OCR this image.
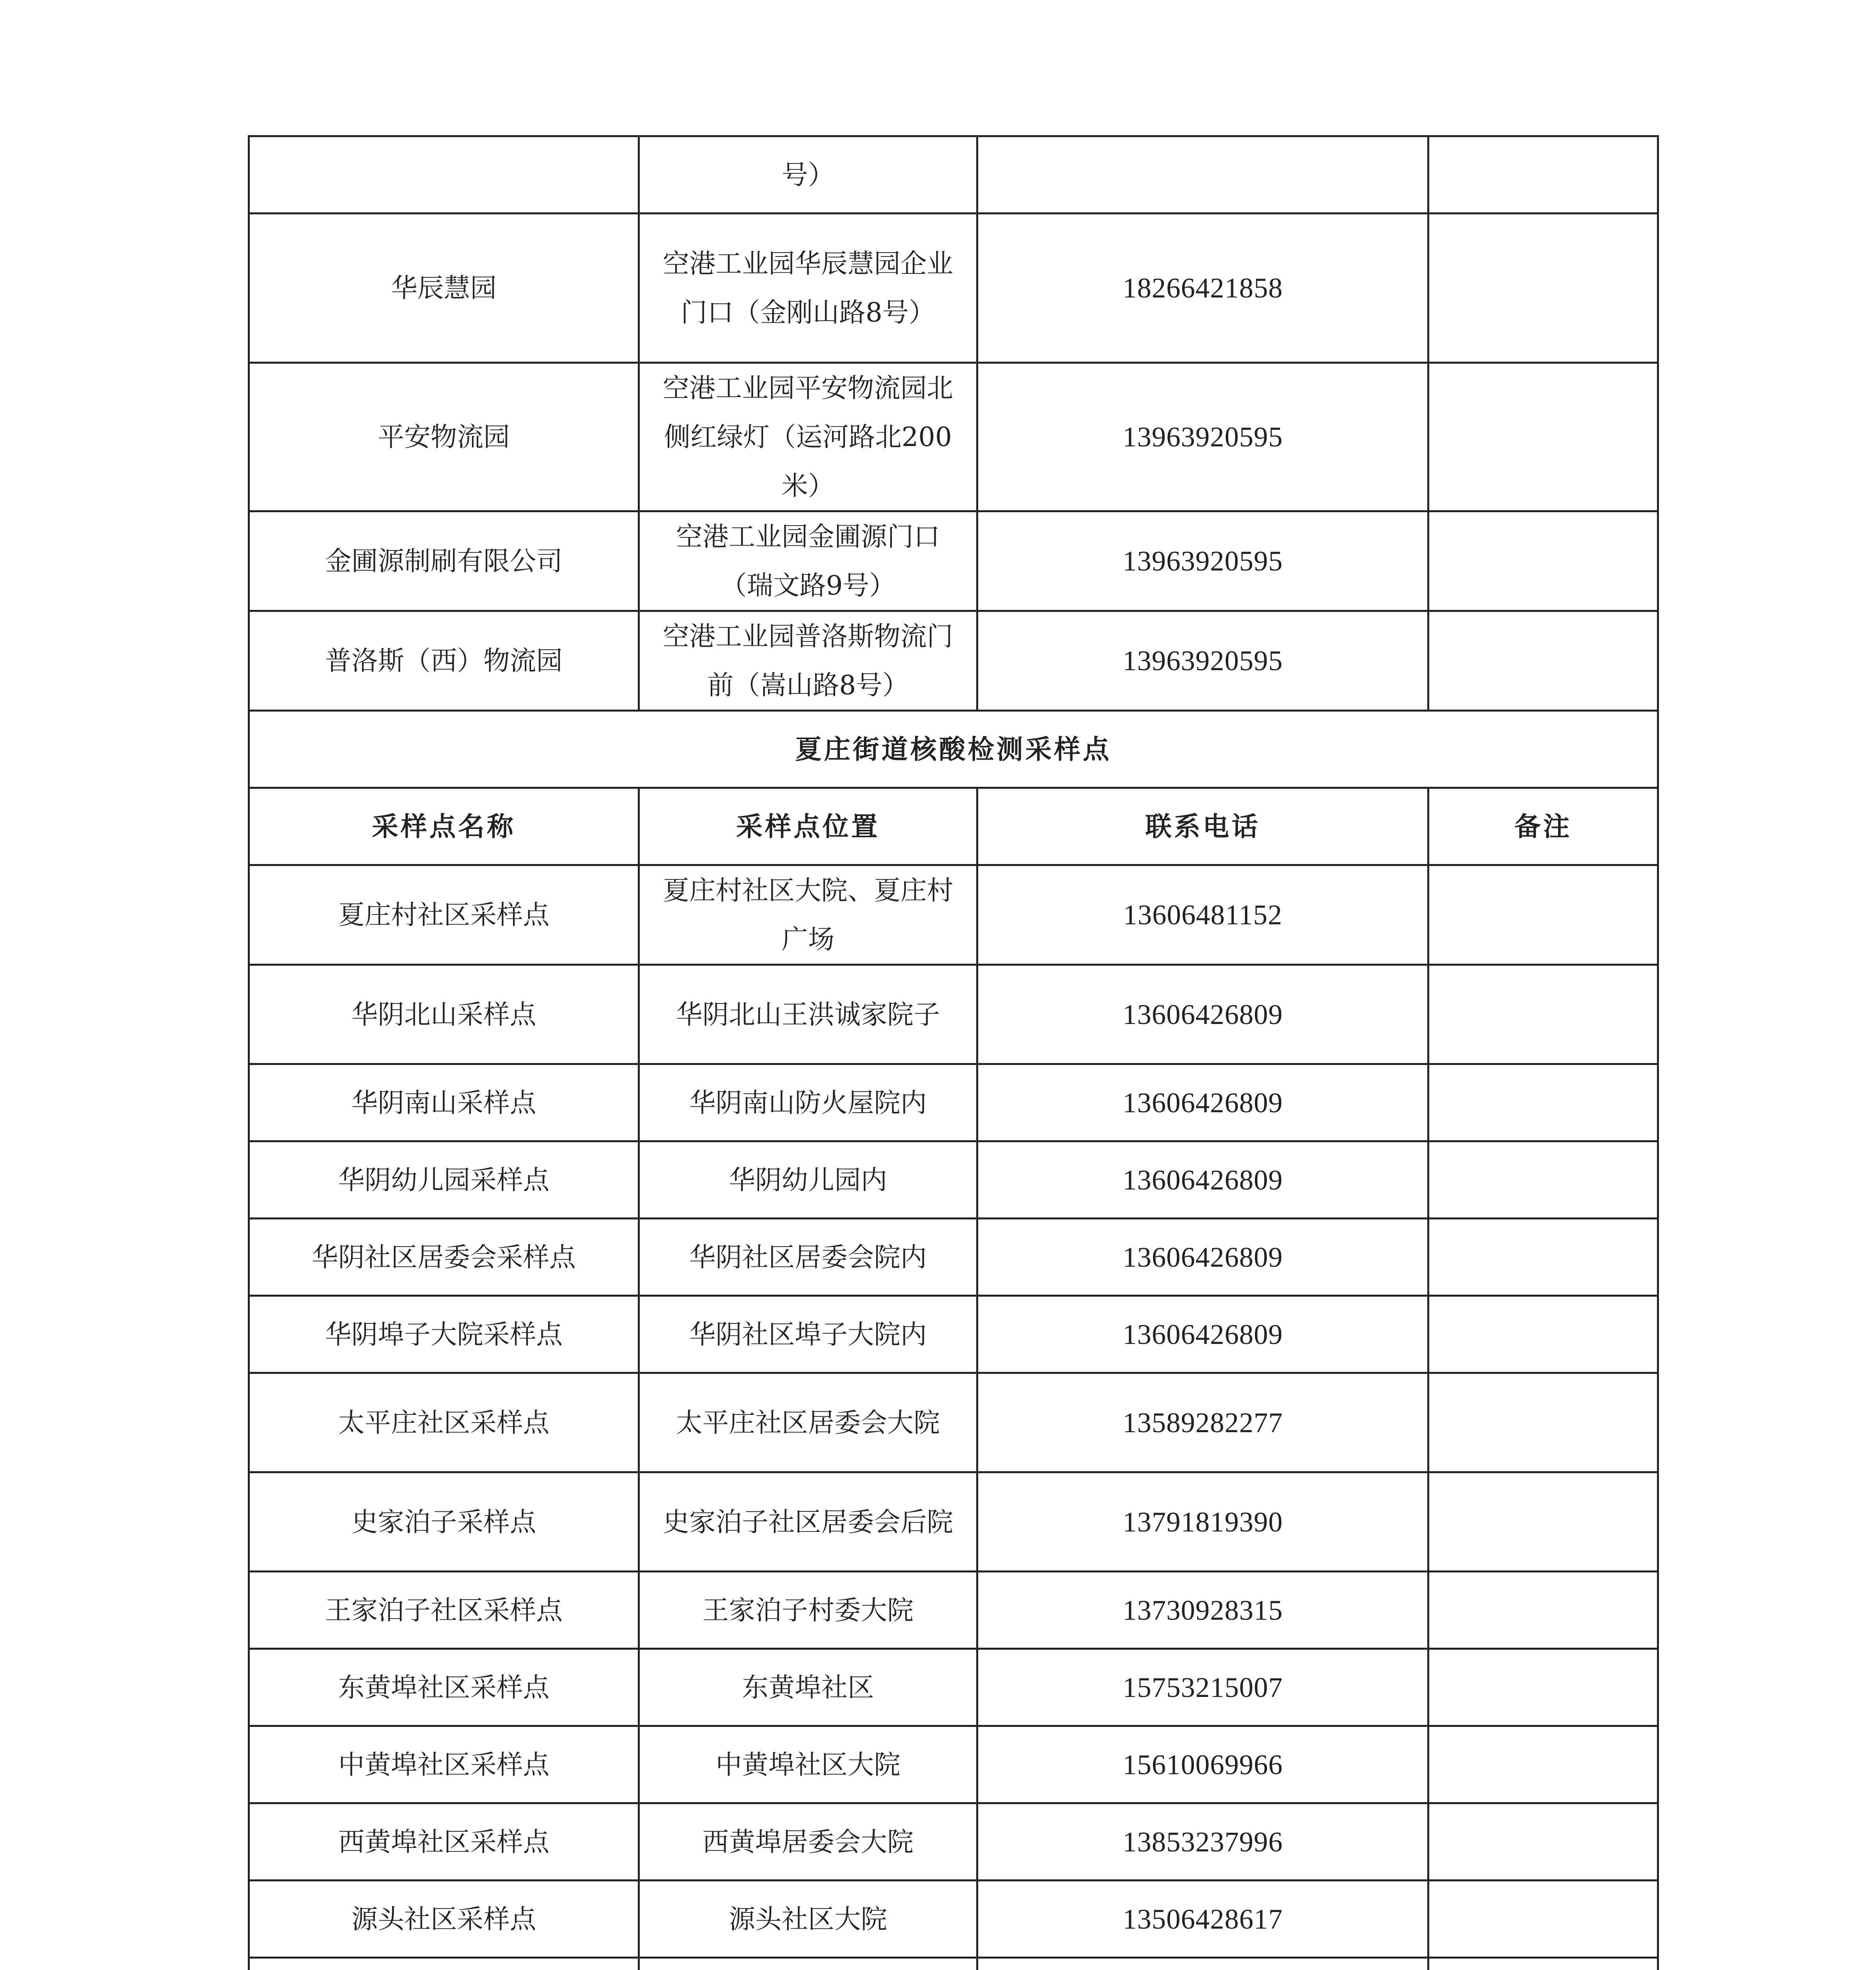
	号）		
华辰慧园	空港工业园华辰慧园企业门口（金刚山路8号）	18266421858	
平安物流园	空港工业园平安物流园北侧红绿灯（运河路北200米）	13963920595	
金圃源制刷有限公司	空港工业园金圃源门口（瑞文路9号）	13963920595	
普洛斯（西）物流园	空港工业园普洛斯物流门前（嵩山路8号）	13963920595	
夏庄街道核酸检测采样点			
采样点名称	采样点位置	联系电话	备注
夏庄村社区采样点	夏庄村社区大院、夏庄村广场	13606481152	
华阴北山采样点	华阴北山王洪诚家院子	13606426809	
华阴南山采样点	华阴南山防火屋院内	13606426809	
华阴幼儿园采样点	华阴幼儿园内	13606426809	
华阴社区居委会采样点	华阴社区居委会院内	13606426809	
华阴埠子大院采样点	华阴社区埠子大院内	13606426809	
太平庄社区采样点	太平庄社区居委会大院	13589282277	
史家泊子采样点	史家泊子社区居委会后院	13791819390	
王家泊子社区采样点	王家泊子村委大院	13730928315	
东黄埠社区采样点	东黄埠社区	15753215007	
中黄埠社区采样点	中黄埠社区大院	15610069966	
西黄埠社区采样点	西黄埠居委会大院	13853237996	
源头社区采样点	源头社区大院	13506428617	
